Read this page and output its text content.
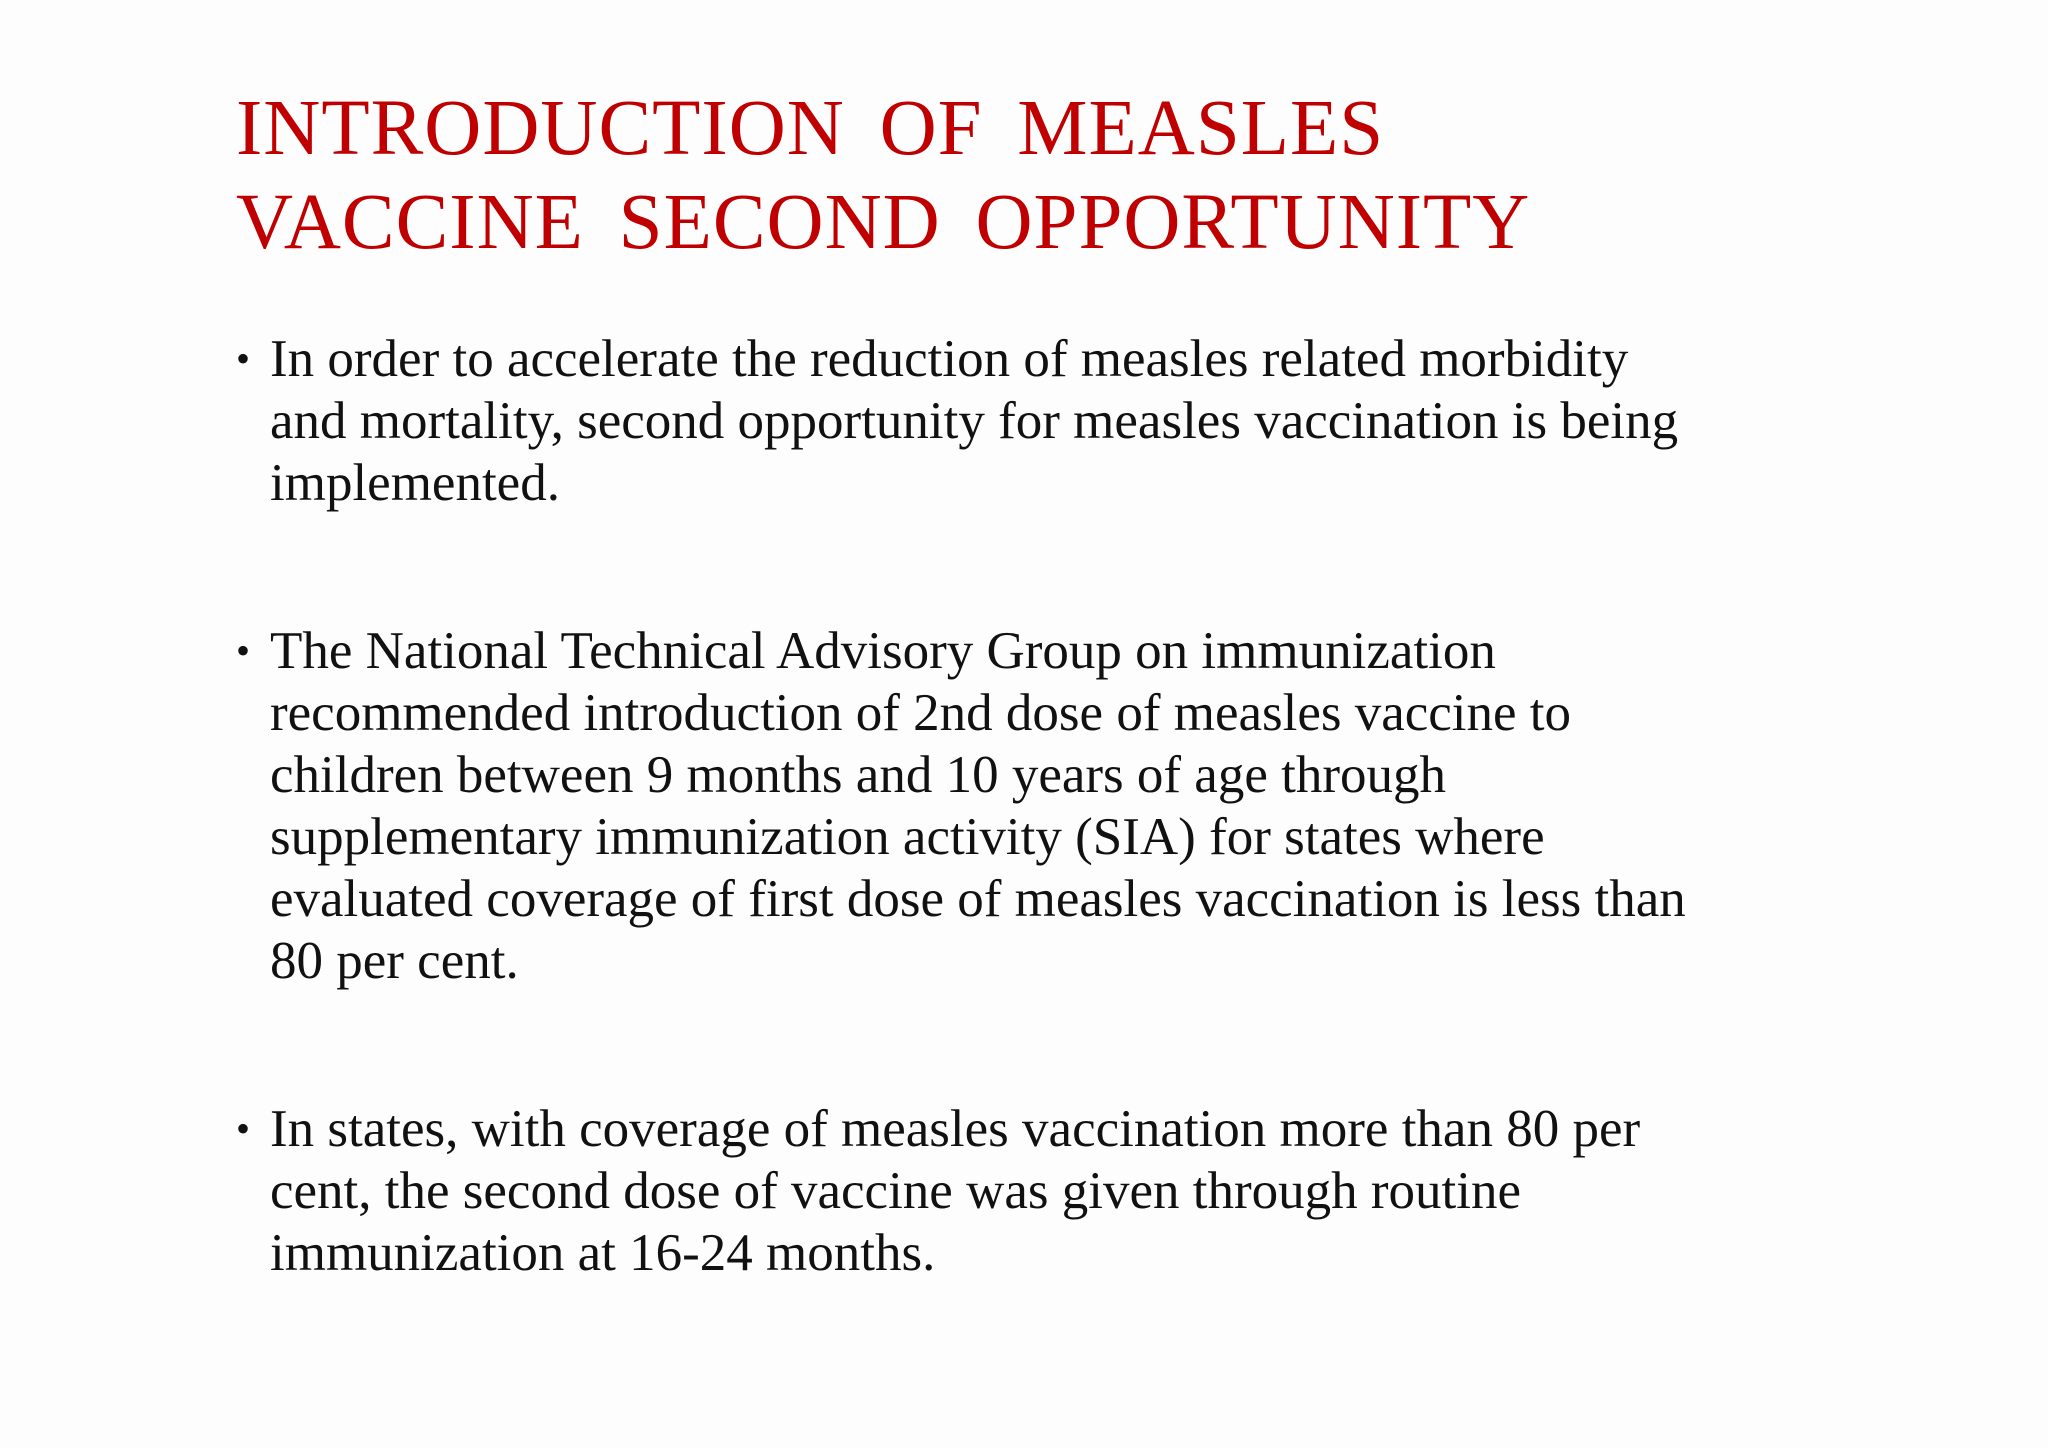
INTRODUCTION OF MEASLES
VACCINE SECOND OPPORTUNITY
• In order to accelerate the reduction of measles related morbidity
and mortality, second opportunity for measles vaccination is being
implemented.
• The National Technical Advisory Group on immunization
recommended introduction of 2nd dose of measles vaccine to
children between 9 months and 10 years of age through
supplementary immunization activity (SIA) for states where
evaluated coverage of first dose of measles vaccination is less than
80 per cent.
• In states, with coverage of measles vaccination more than 80 per
cent, the second dose of vaccine was given through routine
immunization at 16-24 months.
